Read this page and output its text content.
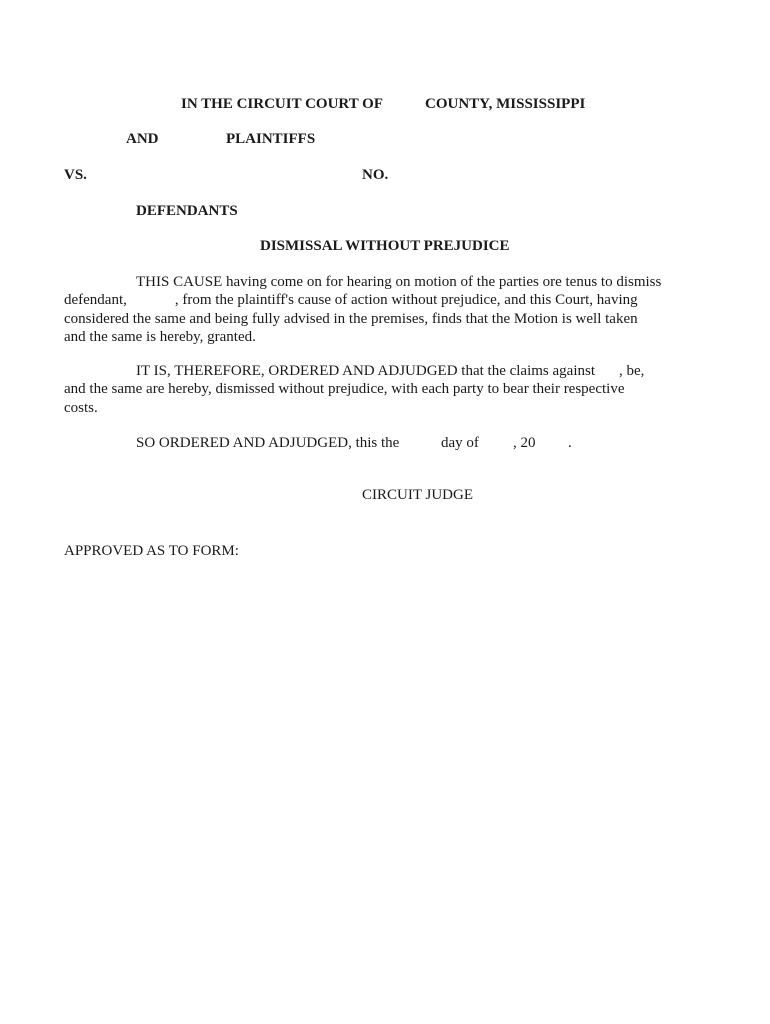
IN THE CIRCUIT COURT OF	COUNTY, MISSISSIPPI
AND	PLAINTIFFS
VS.	NO.
DEFENDANTS
DISMISSAL WITHOUT PREJUDICE
THIS CAUSE having come on for hearing on motion of the parties ore tenus to dismiss
defendant,	, from the plaintiff's cause of action without prejudice, and this Court, having
considered the same and being fully advised in the premises, finds that the Motion is well taken
and the same is hereby, granted.
IT IS, THEREFORE, ORDERED AND ADJUDGED that the claims against , be,
and the same are hereby, dismissed without prejudice, with each party to bear their respective
costs.
SO ORDERED AND ADJUDGED, this the	day of , 20 .
CIRCUIT JUDGE
APPROVED AS TO FORM:
